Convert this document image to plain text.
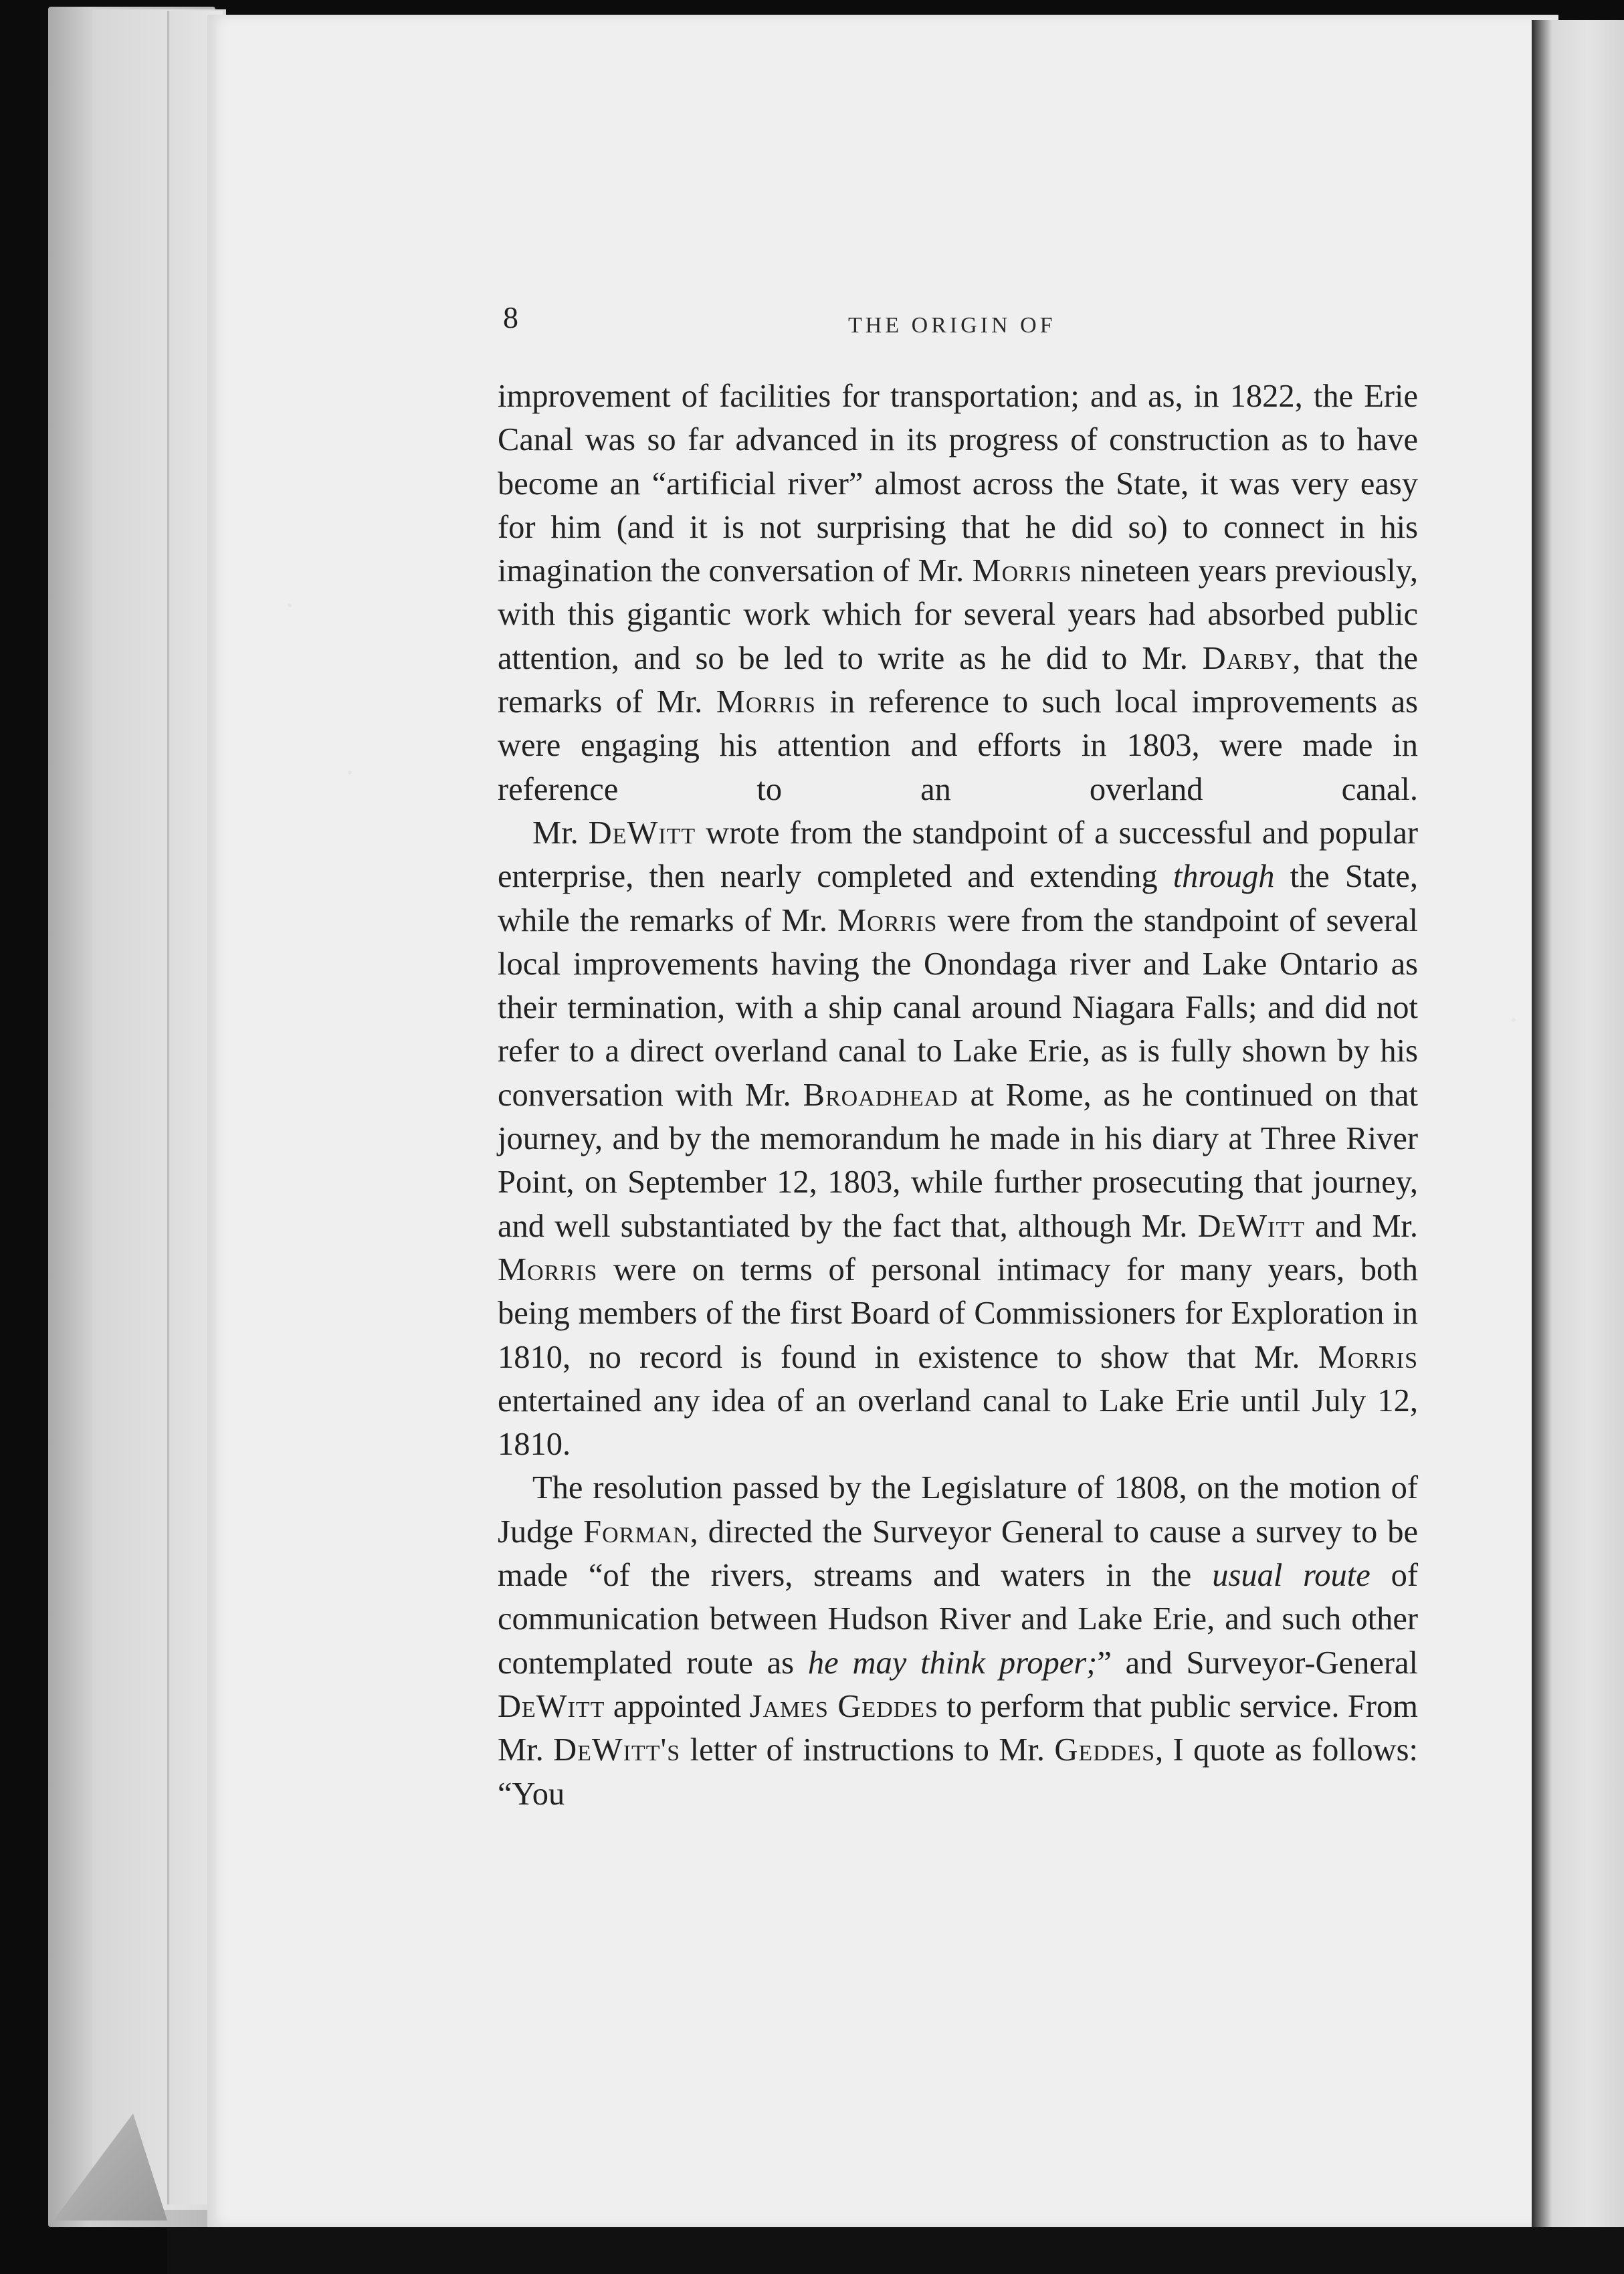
8	THE ORIGIN OF

improvement of facilities for transportation; and as, in 1822, the Erie Canal was so far advanced in its progress of construction as to have become an “artificial river” almost across the State, it was very easy for him (and it is not surprising that he did so) to connect in his imagination the conversation of Mr. Morris nineteen years previously, with this gigantic work which for several years had absorbed public attention, and so be led to write as he did to Mr. Darby, that the remarks of Mr. Morris in reference to such local improvements as were engaging his attention and efforts in 1803, were made in reference to an overland canal.

Mr. DeWitt wrote from the standpoint of a successful and popular enterprise, then nearly completed and extending through the State, while the remarks of Mr. Morris were from the standpoint of several local improvements having the Onondaga river and Lake Ontario as their termination, with a ship canal around Niagara Falls; and did not refer to a direct overland canal to Lake Erie, as is fully shown by his conversation with Mr. Broadhead at Rome, as he continued on that journey, and by the memorandum he made in his diary at Three River Point, on September 12, 1803, while further prosecuting that journey, and well substantiated by the fact that, although Mr. DeWitt and Mr. Morris were on terms of personal intimacy for many years, both being members of the first Board of Commissioners for Exploration in 1810, no record is found in existence to show that Mr. Morris entertained any idea of an overland canal to Lake Erie until July 12, 1810.

The resolution passed by the Legislature of 1808, on the motion of Judge Forman, directed the Surveyor General to cause a survey to be made “of the rivers, streams and waters in the usual route of communication between Hudson River and Lake Erie, and such other contemplated route as he may think proper;” and Surveyor-General DeWitt appointed James Geddes to perform that public service. From Mr. DeWitt's letter of instructions to Mr. Geddes, I quote as follows: “You
